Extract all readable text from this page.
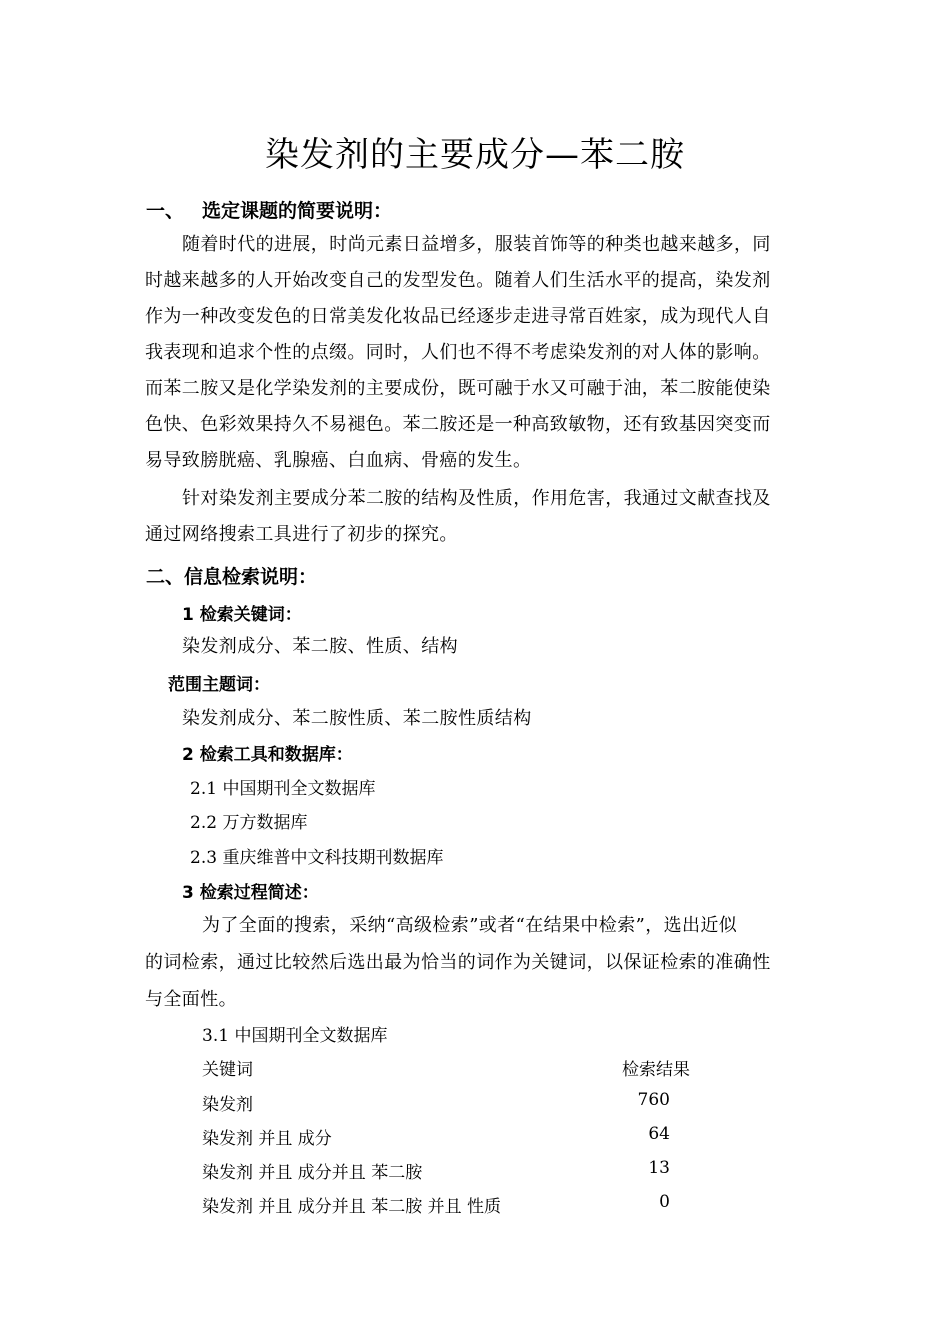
染发剂的主要成分—苯二胺
一、 选定课题的简要说明：
随着时代的进展，时尚元素日益增多，服装首饰等的种类也越来越多，同
时越来越多的人开始改变自己的发型发色。随着人们生活水平的提高，染发剂
作为一种改变发色的日常美发化妆品已经逐步走进寻常百姓家，成为现代人自
我表现和追求个性的点缀。同时，人们也不得不考虑染发剂的对人体的影响。
而苯二胺又是化学染发剂的主要成份，既可融于水又可融于油，苯二胺能使染
色快、色彩效果持久不易褪色。苯二胺还是一种高致敏物，还有致基因突变而
易导致膀胱癌、乳腺癌、白血病、骨癌的发生。
针对染发剂主要成分苯二胺的结构及性质，作用危害，我通过文献查找及
通过网络搜索工具进行了初步的探究。
二、信息检索说明：
1 检索关键词：
染发剂成分、苯二胺、性质、结构
范围主题词：
染发剂成分、苯二胺性质、苯二胺性质结构
2 检索工具和数据库：
2.1 中国期刊全文数据库
2.2 万方数据库
2.3 重庆维普中文科技期刊数据库
3 检索过程简述：
为了全面的搜索，采纳“高级检索”或者“在结果中检索”，选出近似
的词检索，通过比较然后选出最为恰当的词作为关键词，以保证检索的准确性
与全面性。
3.1 中国期刊全文数据库
关键词	检索结果
染发剂	760
染发剂 并且 成分	64
染发剂 并且 成分并且 苯二胺	13
染发剂 并且 成分并且 苯二胺 并且 性质	0
